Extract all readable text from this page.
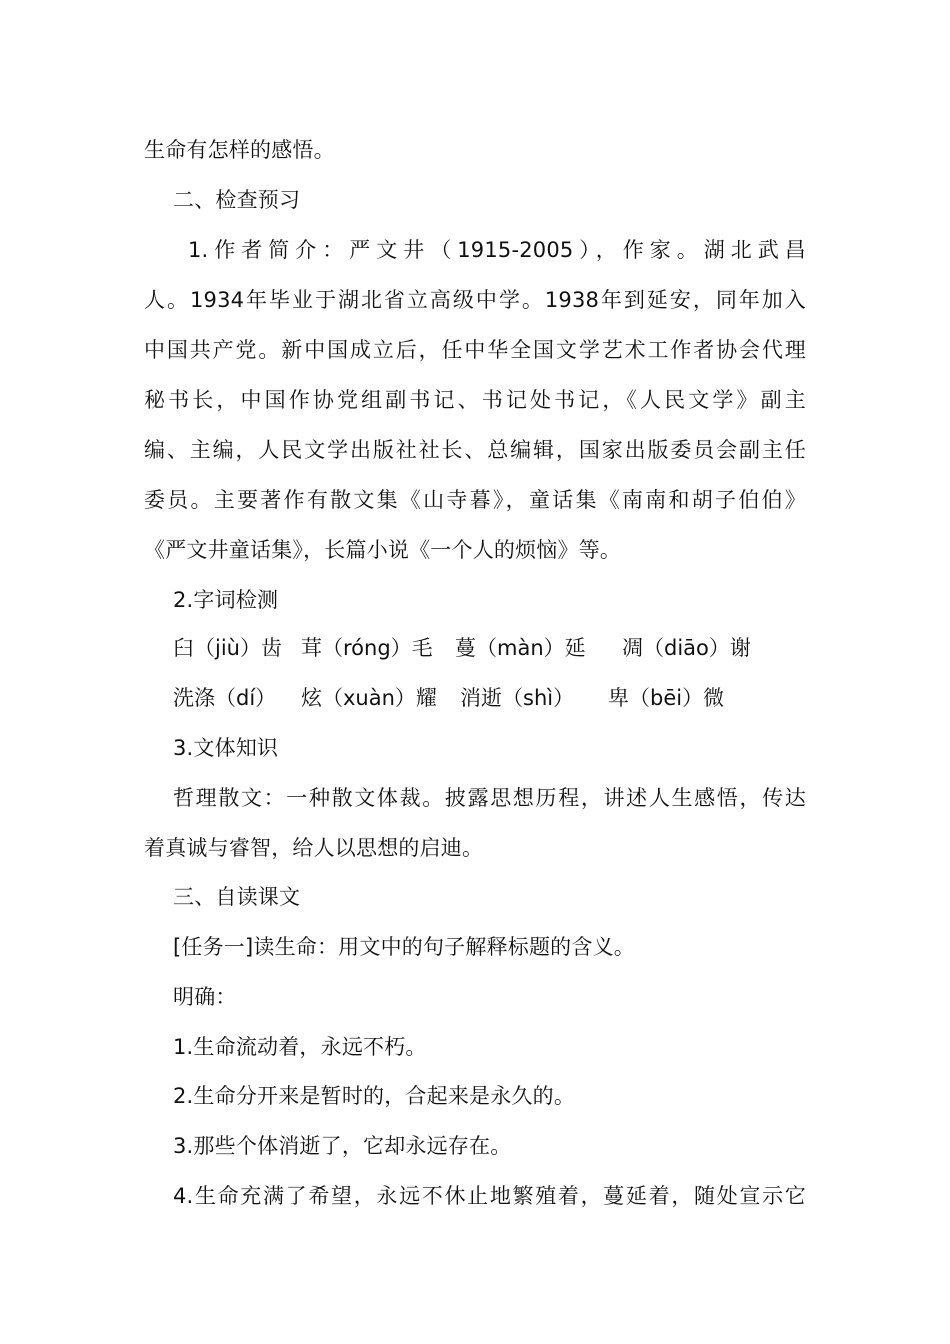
生命有怎样的感悟。
二、检查预习
1.作者简介：严文井（1915-2005），作家。湖北武昌
人。1934年毕业于湖北省立高级中学。1938年到延安，同年加入
中国共产党。新中国成立后，任中华全国文学艺术工作者协会代理
秘书长，中国作协党组副书记、书记处书记，《人民文学》副主
编、主编，人民文学出版社社长、总编辑，国家出版委员会副主任
委员。主要著作有散文集《山寺暮》，童话集《南南和胡子伯伯》
《严文井童话集》，长篇小说《一个人的烦恼》等。
2.字词检测
臼（jiù）齿 茸（róng）毛 蔓（màn）延 凋（diāo）谢
洗涤（dí） 炫（xuàn）耀 消逝（shì） 卑（bēi）微
3.文体知识
哲理散文：一种散文体裁。披露思想历程，讲述人生感悟，传达
着真诚与睿智，给人以思想的启迪。
三、自读课文
[任务一]读生命：用文中的句子解释标题的含义。
明确：
1.生命流动着，永远不朽。
2.生命分开来是暂时的，合起来是永久的。
3.那些个体消逝了，它却永远存在。
4.生命充满了希望，永远不休止地繁殖着，蔓延着，随处宣示它
